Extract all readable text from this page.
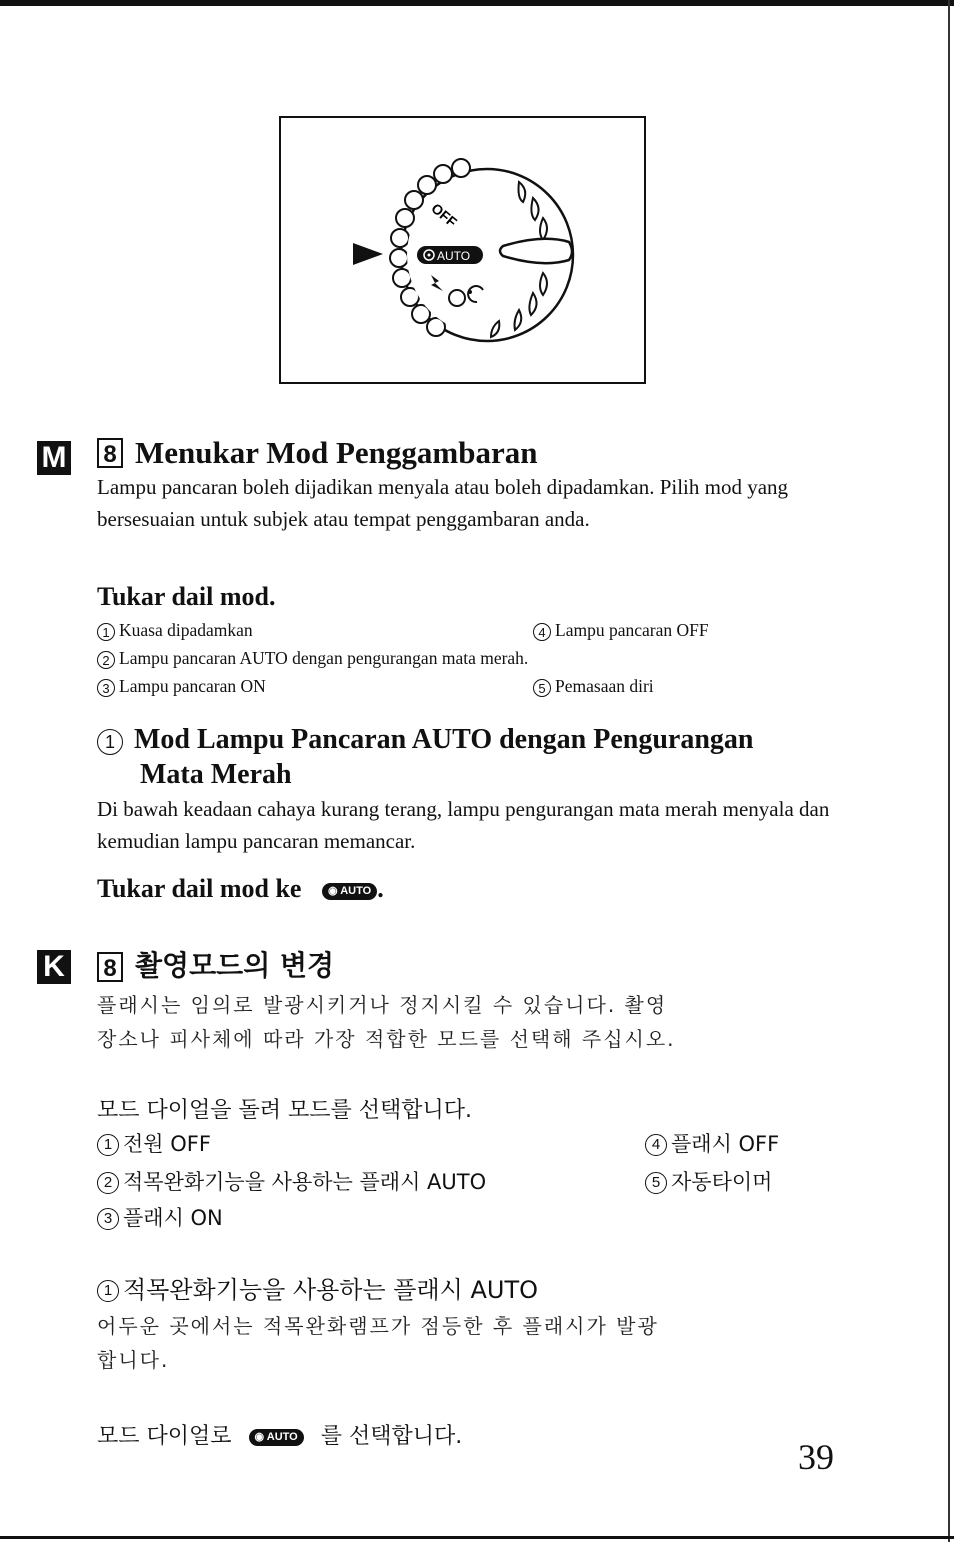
OFF
AUTO
M 8 Menukar Mod Penggambaran
Lampu pancaran boleh dijadikan menyala atau boleh dipadamkan. Pilih mod yang bersesuaian untuk subjek atau tempat penggambaran anda.
Tukar dail mod.
1 Kuasa dipadamkan
2 Lampu pancaran AUTO dengan pengurangan mata merah.
3 Lampu pancaran ON
4 Lampu pancaran OFF
5 Pemasaan diri
1 Mod Lampu Pancaran AUTO dengan Pengurangan
Mata Merah
Di bawah keadaan cahaya kurang terang, lampu pengurangan mata merah menyala dan kemudian lampu pancaran memancar.
Tukar dail mod ke ◉ AUTO .
K 8 촬영모드의 변경
플래시는 임의로 발광시키거나 정지시킬 수 있습니다. 촬영
장소나 피사체에 따라 가장 적합한 모드를 선택해 주십시오.
모드 다이얼을 돌려 모드를 선택합니다.
1 전원 OFF
2 적목완화기능을 사용하는 플래시 AUTO
3 플래시 ON
4 플래시 OFF
5 자동타이머
1 적목완화기능을 사용하는 플래시 AUTO
어두운 곳에서는 적목완화램프가 점등한 후 플래시가 발광
합니다.
모드 다이얼로 ◉ AUTO 를 선택합니다.
39
